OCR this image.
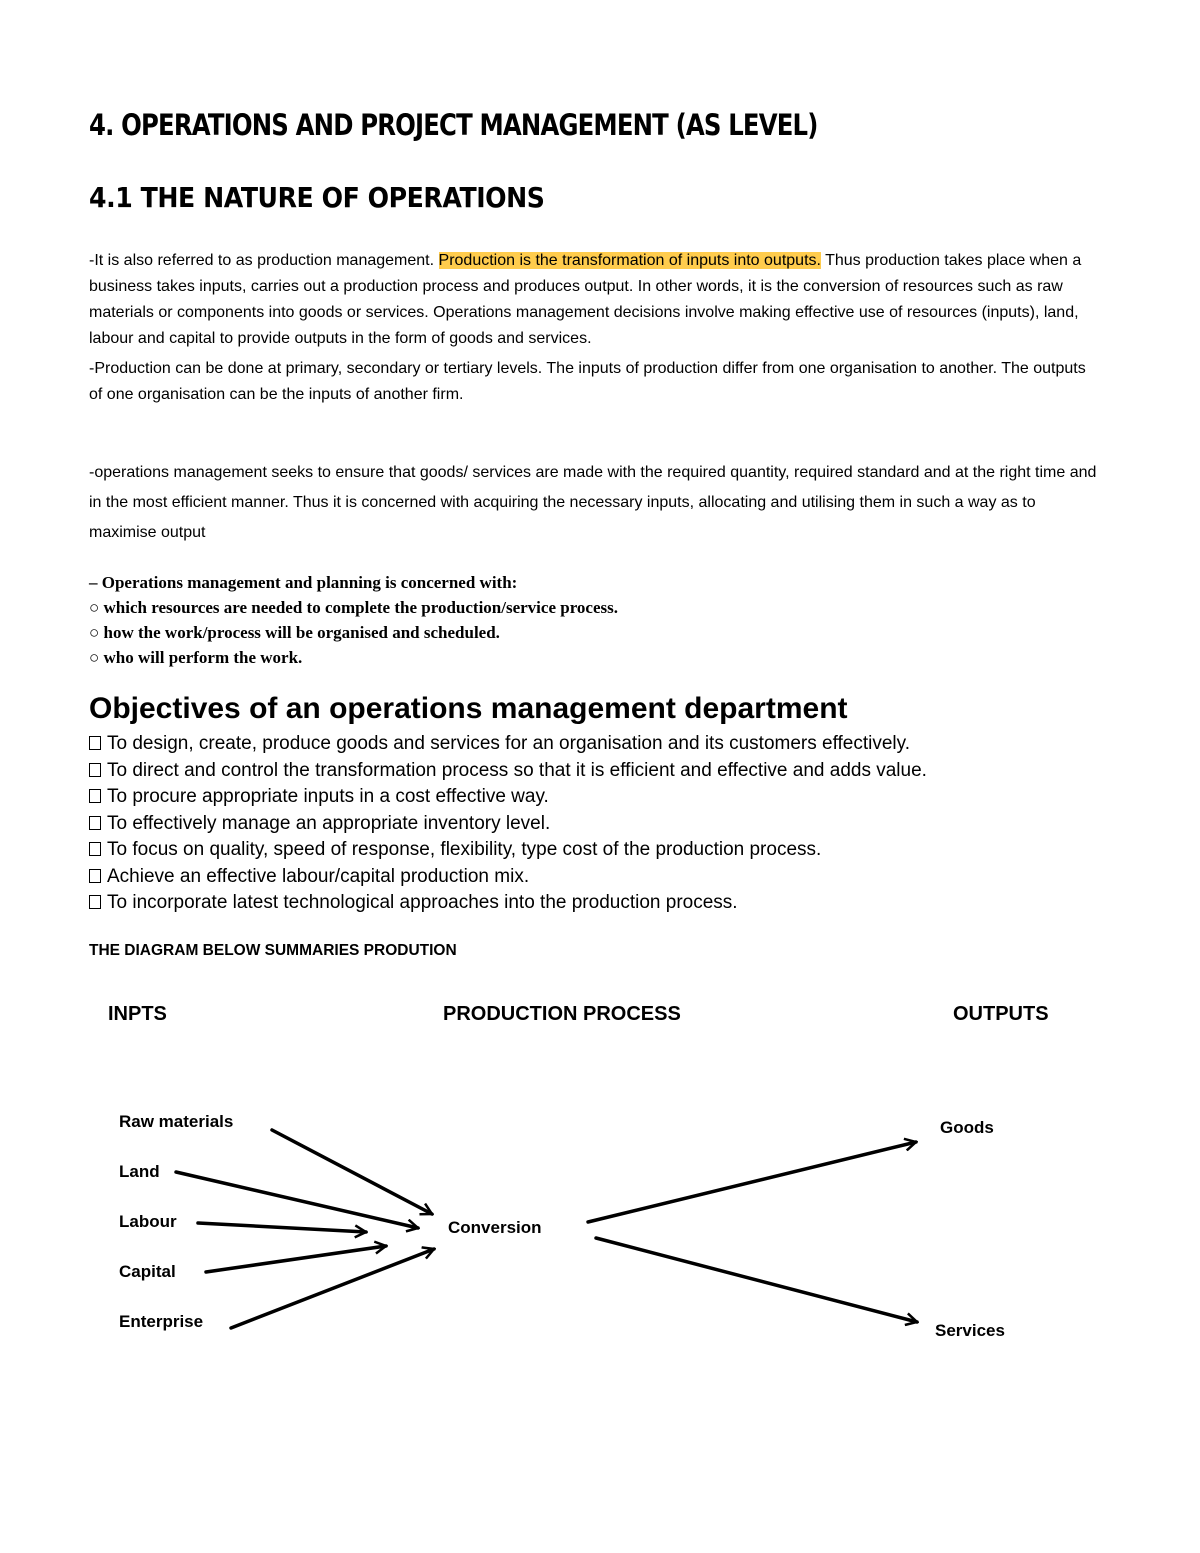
4. OPERATIONS AND PROJECT MANAGEMENT (AS LEVEL)
4.1 THE NATURE OF OPERATIONS

-It is also referred to as production management. Production is the transformation of inputs into outputs. Thus production takes place when a business takes inputs, carries out a production process and produces output. In other words, it is the conversion of resources such as raw materials or components into goods or services. Operations management decisions involve making effective use of resources (inputs), land, labour and capital to provide outputs in the form of goods and services.

-Production can be done at primary, secondary or tertiary levels. The inputs of production differ from one organisation to another. The outputs of one organisation can be the inputs of another firm.

-operations management seeks to ensure that goods/ services are made with the required quantity, required standard and at the right time and in the most efficient manner. Thus it is concerned with acquiring the necessary inputs, allocating and utilising them in such a way as to maximise output

– Operations management and planning is concerned with:
○ which resources are needed to complete the production/service process.
○ how the work/process will be organised and scheduled.
○ who will perform the work.
Objectives of an operations management department
To design, create, produce goods and services for an organisation and its customers effectively.
To direct and control the transformation process so that it is efficient and effective and adds value.
To procure appropriate inputs in a cost effective way.
To effectively manage an appropriate inventory level.
To focus on quality, speed of response, flexibility, type cost of the production process.
Achieve an effective labour/capital production mix.
To incorporate latest technological approaches into the production process.
THE DIAGRAM BELOW SUMMARIES PRODUTION
INPTS	PRODUCTION PROCESS	OUTPUTS
Raw materials
Land
Labour
Capital
Enterprise
Conversion
Goods
Services
